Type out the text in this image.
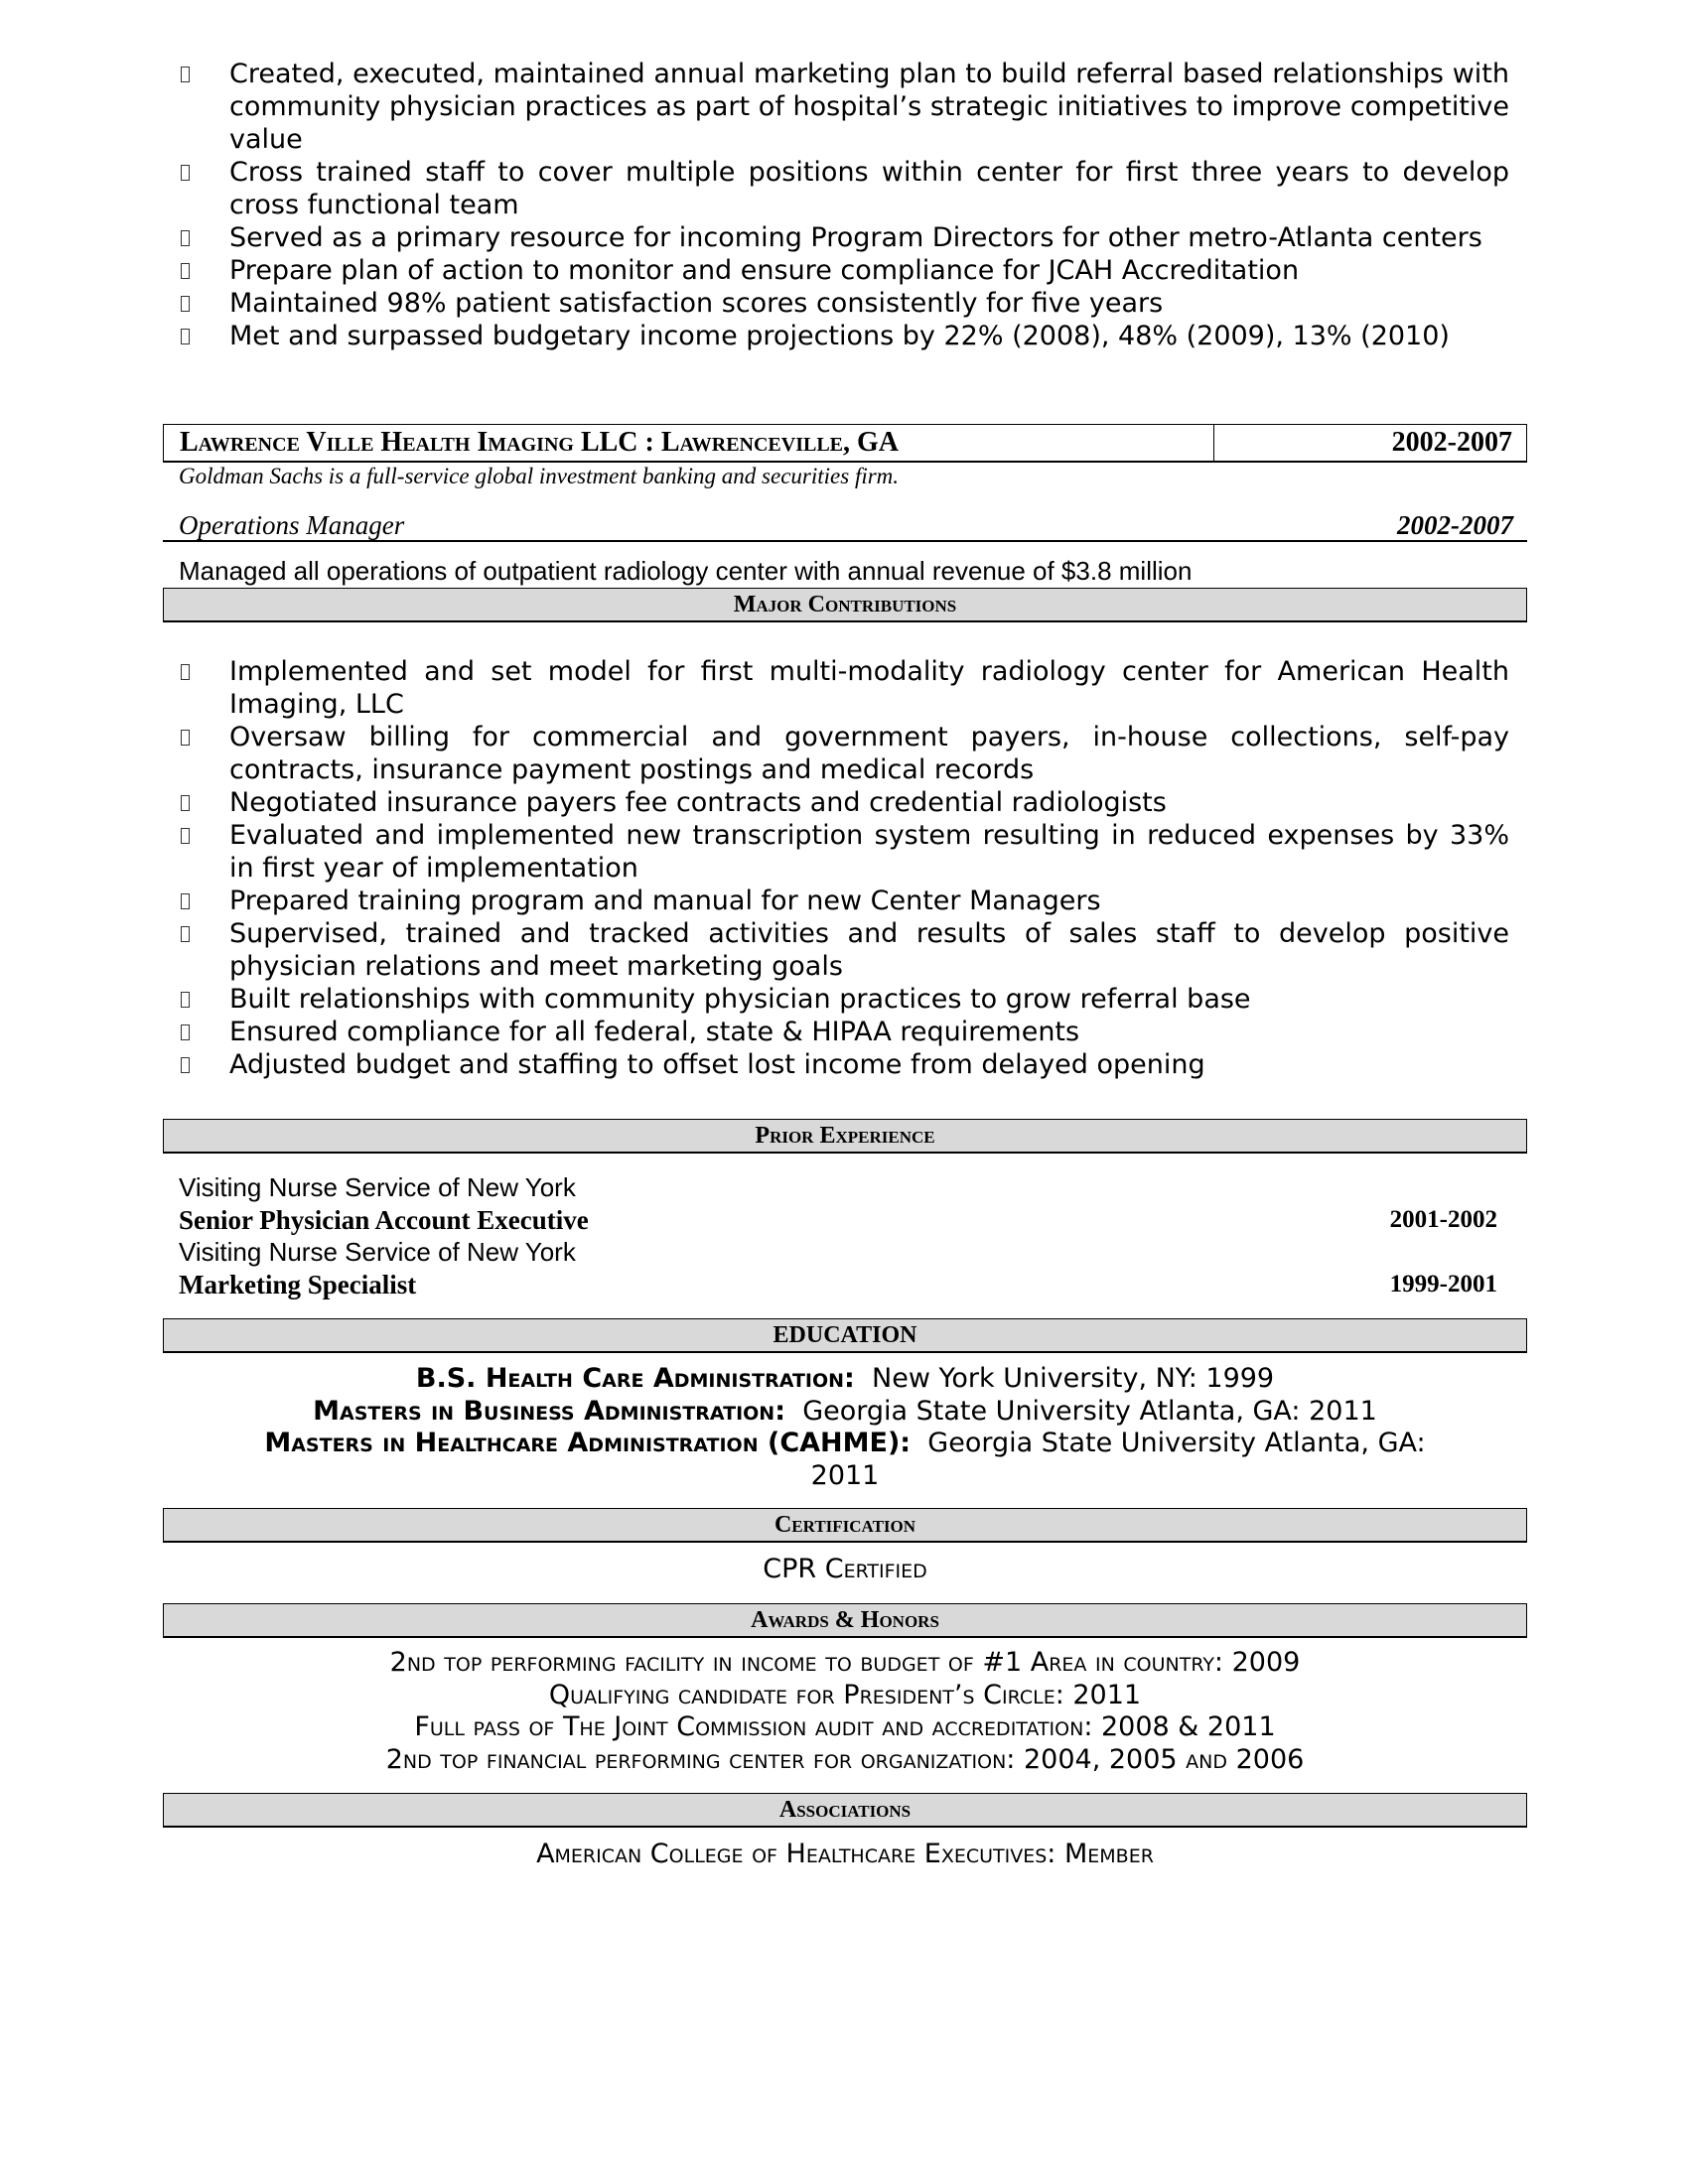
Created, executed, maintained annual marketing plan to build referral based relationships with community physician practices as part of hospital’s strategic initiatives to improve competitive value
Cross trained staff to cover multiple positions within center for first three years to develop cross functional team
Served as a primary resource for incoming Program Directors for other metro-Atlanta centers
Prepare plan of action to monitor and ensure compliance for JCAH Accreditation
Maintained 98% patient satisfaction scores consistently for five years
Met and surpassed budgetary income projections by 22% (2008), 48% (2009), 13% (2010)
Lawrence Ville Health Imaging LLC : Lawrenceville, GA	2002-2007
Goldman Sachs is a full-service global investment banking and securities firm.
Operations Manager	2002-2007
Managed all operations of outpatient radiology center with annual revenue of $3.8 million
Major Contributions
Implemented and set model for first multi-modality radiology center for American Health Imaging, LLC
Oversaw billing for commercial and government payers, in-house collections, self-pay contracts, insurance payment postings and medical records
Negotiated insurance payers fee contracts and credential radiologists
Evaluated and implemented new transcription system resulting in reduced expenses by 33% in first year of implementation
Prepared training program and manual for new Center Managers
Supervised, trained and tracked activities and results of sales staff to develop positive physician relations and meet marketing goals
Built relationships with community physician practices to grow referral base
Ensured compliance for all federal, state & HIPAA requirements
Adjusted budget and staffing to offset lost income from delayed opening
Prior Experience
Visiting Nurse Service of New York
Senior Physician Account Executive	2001-2002
Visiting Nurse Service of New York
Marketing Specialist	1999-2001
EDUCATION
B.S. Health Care Administration: New York University, NY: 1999
Masters in Business Administration: Georgia State University Atlanta, GA: 2011
Masters in Healthcare Administration (CAHME): Georgia State University Atlanta, GA: 2011
Certification
CPR Certified
Awards & Honors
2nd top performing facility in income to budget of #1 Area in country: 2009
Qualifying candidate for President’s Circle: 2011
Full pass of The Joint Commission audit and accreditation: 2008 & 2011
2nd top financial performing center for organization: 2004, 2005 and 2006
Associations
American College of Healthcare Executives: Member
